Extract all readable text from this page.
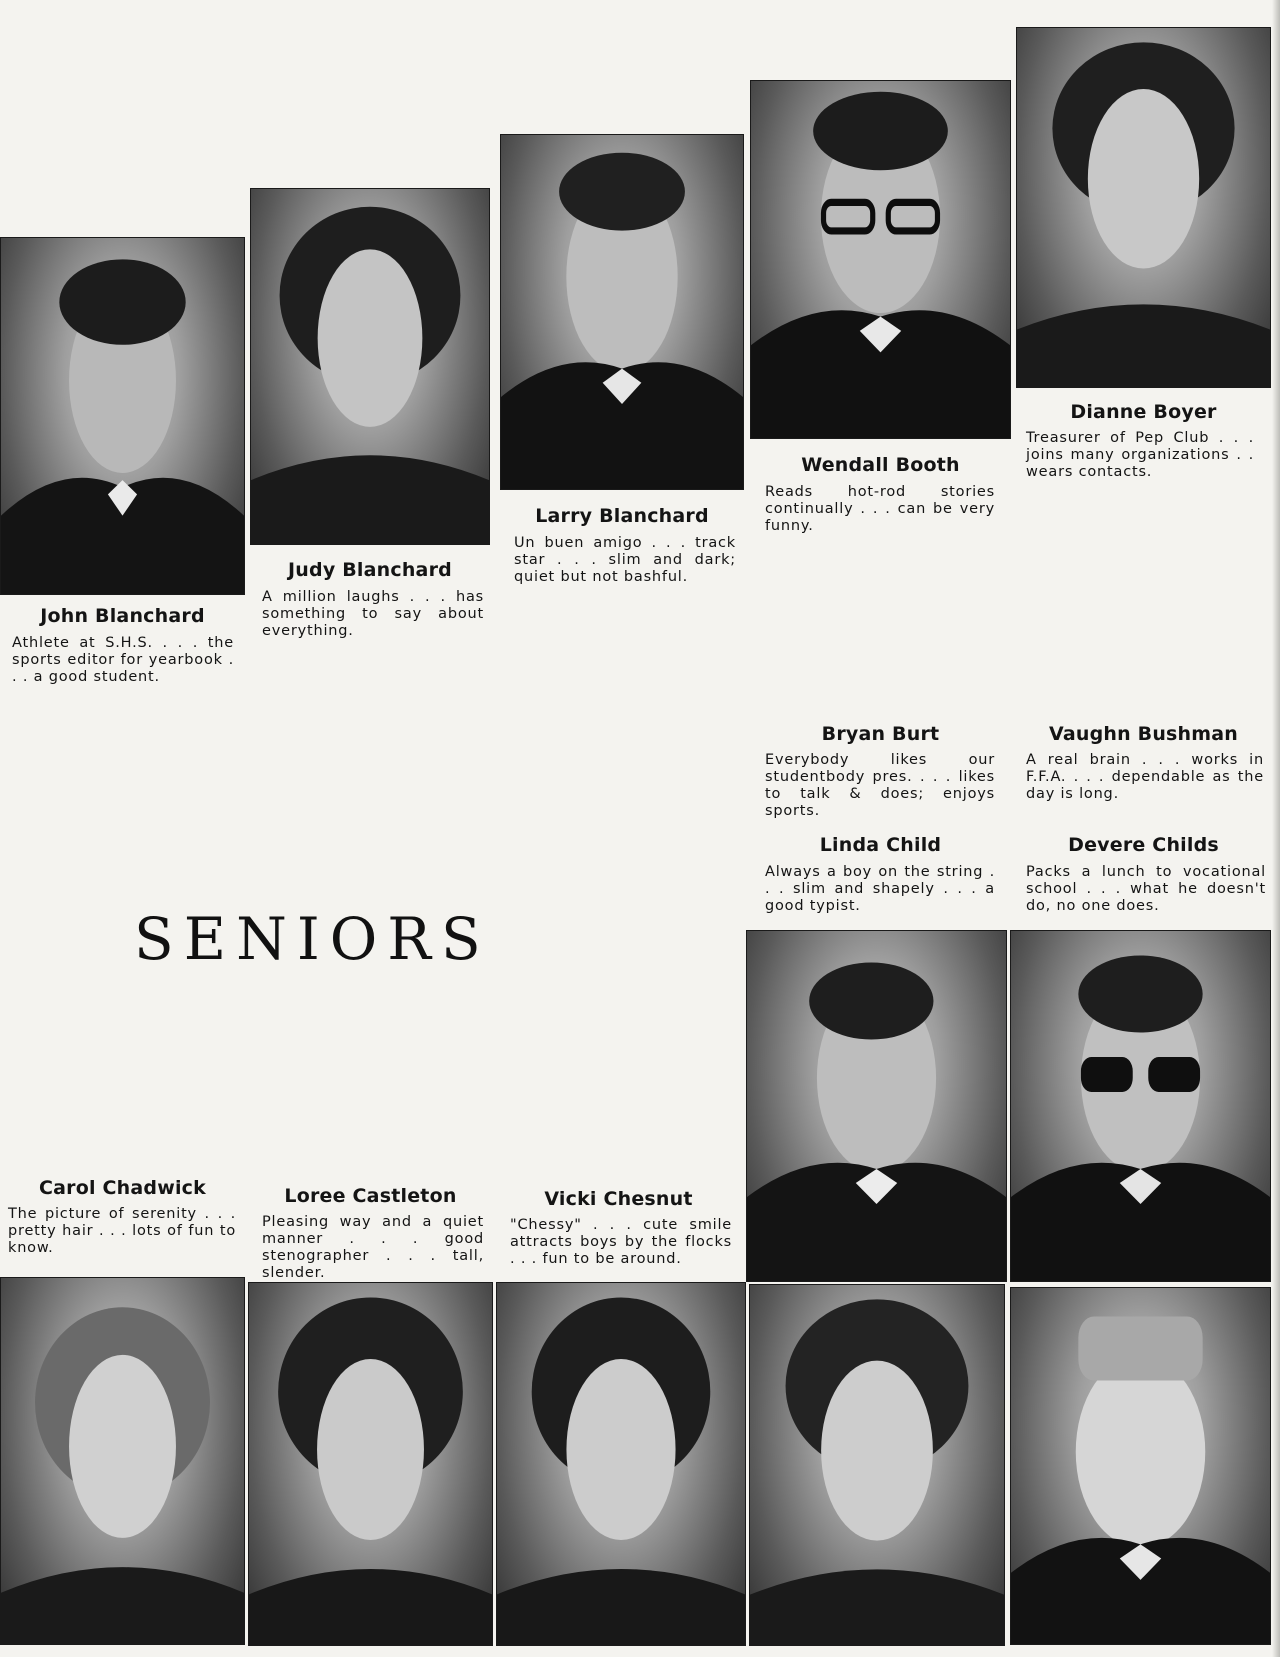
John Blanchard
Athlete at S.H.S. . . . the sports editor for yearbook . . . a good student.
Judy Blanchard
A million laughs . . . has something to say about everything.
Larry Blanchard
Un buen amigo . . . track star . . . slim and dark; quiet but not bashful.
Wendall Booth
Reads hot-rod stories continually . . . can be very funny.
Dianne Boyer
Treasurer of Pep Club . . . joins many organizations . . wears contacts.
Bryan Burt
Everybody likes our studentbody pres. . . . likes to talk & does; enjoys sports.
Vaughn Bushman
A real brain . . . works in F.F.A. . . . dependable as the day is long.
Linda Child
Always a boy on the string . . . slim and shapely . . . a good typist.
Devere Childs
Packs a lunch to vocational school . . . what he doesn't do, no one does.
SENIORS
Carol Chadwick
The picture of serenity . . . pretty hair . . . lots of fun to know.
Loree Castleton
Pleasing way and a quiet manner . . . good stenographer . . . tall, slender.
Vicki Chesnut
"Chessy" . . . cute smile attracts boys by the flocks . . . fun to be around.
